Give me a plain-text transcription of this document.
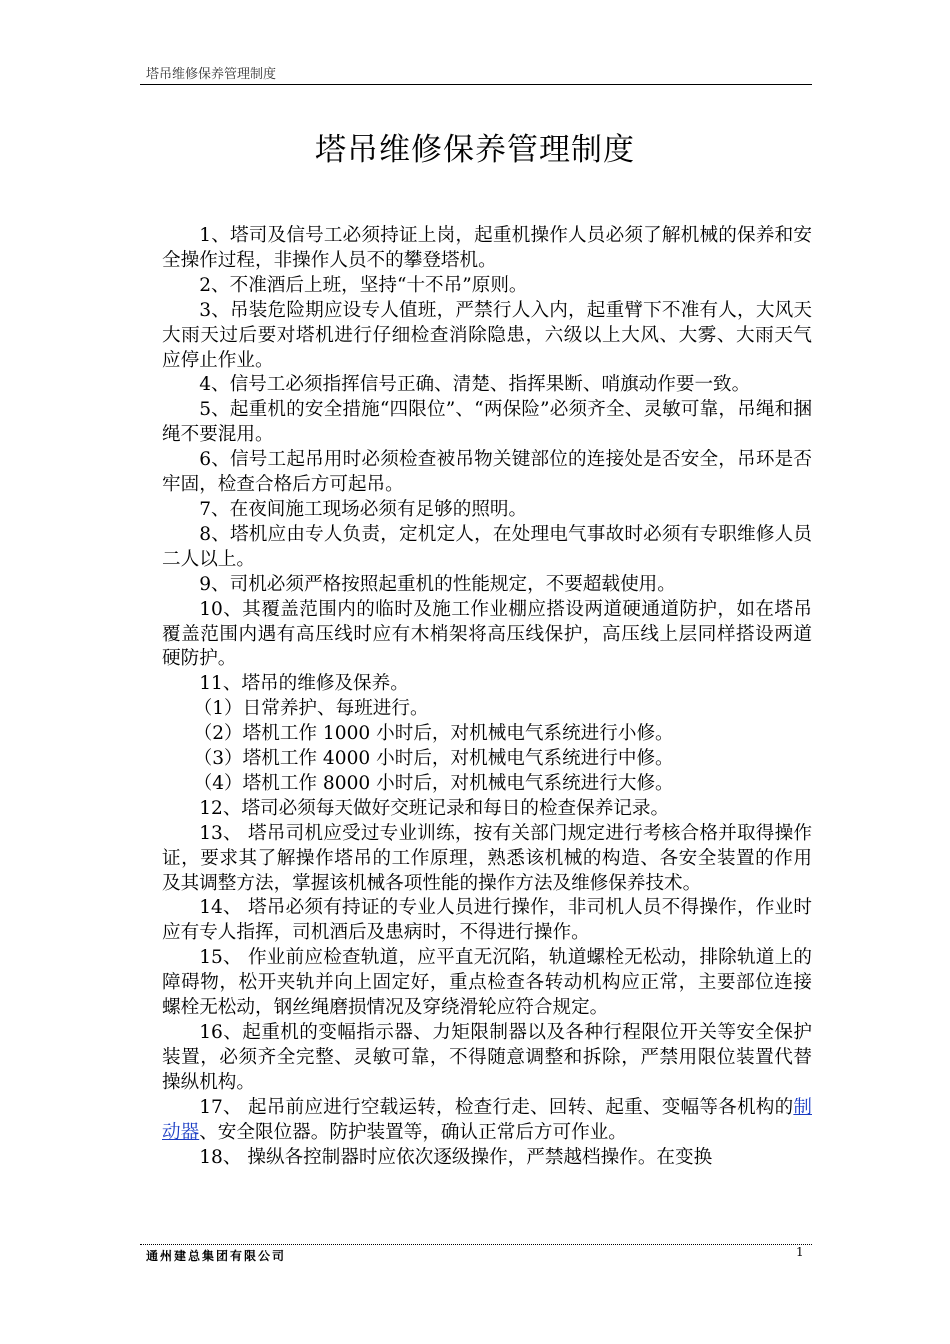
塔吊维修保养管理制度
塔吊维修保养管理制度

1、塔司及信号工必须持证上岗，起重机操作人员必须了解机械的保养和安全操作过程，非操作人员不的攀登塔机。

2、不准酒后上班，坚持“十不吊”原则。

3、吊装危险期应设专人值班，严禁行人入内，起重臂下不准有人，大风天大雨天过后要对塔机进行仔细检查消除隐患，六级以上大风、大雾、大雨天气应停止作业。

4、信号工必须指挥信号正确、清楚、指挥果断、哨旗动作要一致。

5、起重机的安全措施“四限位”、“两保险”必须齐全、灵敏可靠，吊绳和捆绳不要混用。

6、信号工起吊用时必须检查被吊物关键部位的连接处是否安全，吊环是否牢固，检查合格后方可起吊。

7、在夜间施工现场必须有足够的照明。

8、塔机应由专人负责，定机定人，在处理电气事故时必须有专职维修人员二人以上。

9、司机必须严格按照起重机的性能规定，不要超载使用。

10、其覆盖范围内的临时及施工作业棚应搭设两道硬通道防护，如在塔吊覆盖范围内遇有高压线时应有木梢架将高压线保护，高压线上层同样搭设两道硬防护。

11、塔吊的维修及保养。

（1）日常养护、每班进行。

（2）塔机工作 1000 小时后，对机械电气系统进行小修。

（3）塔机工作 4000 小时后，对机械电气系统进行中修。

（4）塔机工作 8000 小时后，对机械电气系统进行大修。

12、塔司必须每天做好交班记录和每日的检查保养记录。

13、 塔吊司机应受过专业训练，按有关部门规定进行考核合格并取得操作证，要求其了解操作塔吊的工作原理，熟悉该机械的构造、各安全装置的作用及其调整方法，掌握该机械各项性能的操作方法及维修保养技术。

14、 塔吊必须有持证的专业人员进行操作，非司机人员不得操作，作业时应有专人指挥，司机酒后及患病时，不得进行操作。

15、 作业前应检查轨道，应平直无沉陷，轨道螺栓无松动，排除轨道上的障碍物，松开夹轨并向上固定好，重点检查各转动机构应正常，主要部位连接螺栓无松动，钢丝绳磨损情况及穿绕滑轮应符合规定。

16、起重机的变幅指示器、力矩限制器以及各种行程限位开关等安全保护装置，必须齐全完整、灵敏可靠，不得随意调整和拆除，严禁用限位装置代替操纵机构。

17、 起吊前应进行空载运转，检查行走、回转、起重、变幅等各机构的制动器、安全限位器。防护装置等，确认正常后方可作业。

18、 操纵各控制器时应依次逐级操作，严禁越档操作。在变换

通州建总集团有限公司	1
